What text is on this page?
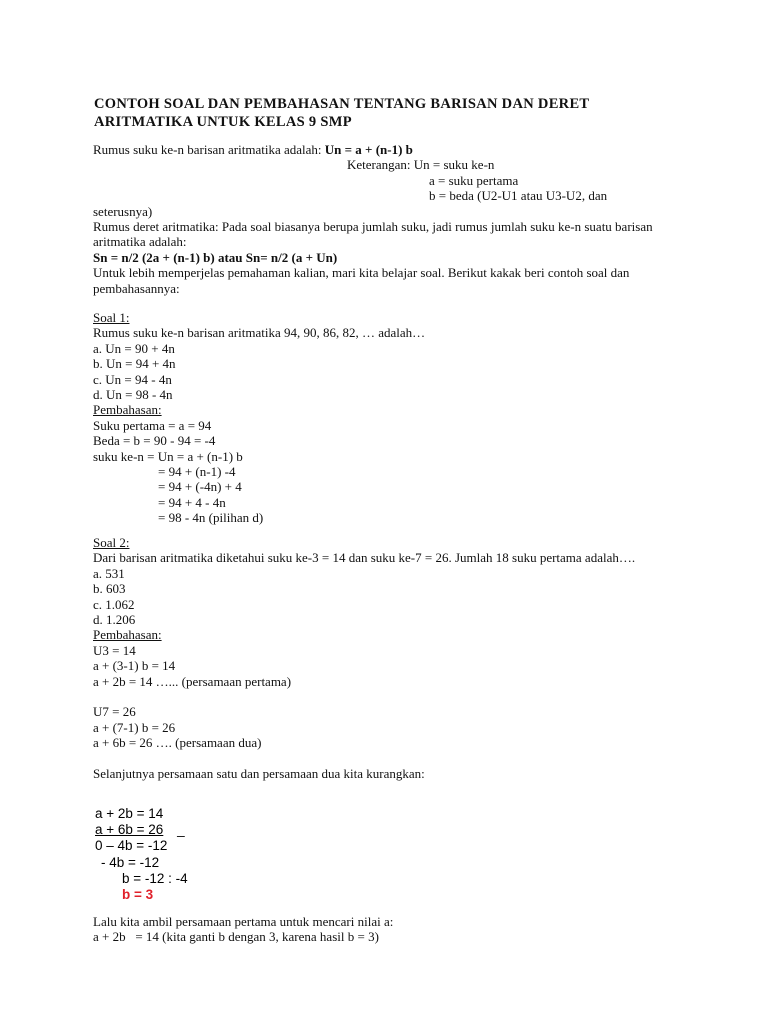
CONTOH SOAL DAN PEMBAHASAN TENTANG BARISAN DAN DERET
ARITMATIKA UNTUK KELAS 9 SMP
Rumus suku ke-n barisan aritmatika adalah: Un = a + (n-1) b
Keterangan: Un = suku ke-n
a = suku pertama
b = beda (U2-U1 atau U3-U2, dan
seterusnya)
Rumus deret aritmatika: Pada soal biasanya berupa jumlah suku, jadi rumus jumlah suku ke-n suatu barisan aritmatika adalah:
Sn = n/2 (2a + (n-1) b) atau Sn= n/2 (a + Un)
Untuk lebih memperjelas pemahaman kalian, mari kita belajar soal. Berikut kakak beri contoh soal dan pembahasannya:
Soal 1:
Rumus suku ke-n barisan aritmatika 94, 90, 86, 82, … adalah…
a. Un = 90 + 4n
b. Un = 94 + 4n
c. Un = 94 - 4n
d. Un = 98 - 4n
Pembahasan:
Suku pertama = a = 94
Beda = b = 90 - 94 = -4
suku ke-n = Un = a + (n-1) b
= 94 + (n-1) -4
= 94 + (-4n) + 4
= 94 + 4 - 4n
= 98 - 4n (pilihan d)
Soal 2:
Dari barisan aritmatika diketahui suku ke-3 = 14 dan suku ke-7 = 26. Jumlah 18 suku pertama adalah….
a. 531
b. 603
c. 1.062
d. 1.206
Pembahasan:
U3 = 14
a + (3-1) b = 14
a + 2b = 14 …... (persamaan pertama)
U7 = 26
a + (7-1) b = 26
a + 6b = 26 …. (persamaan dua)
Selanjutnya persamaan satu dan persamaan dua kita kurangkan:
a + 2b = 14
a + 6b = 26 _
0 – 4b = -12
- 4b = -12
b = -12 : -4
b = 3
Lalu kita ambil persamaan pertama untuk mencari nilai a:
a + 2b   = 14 (kita ganti b dengan 3, karena hasil b = 3)
